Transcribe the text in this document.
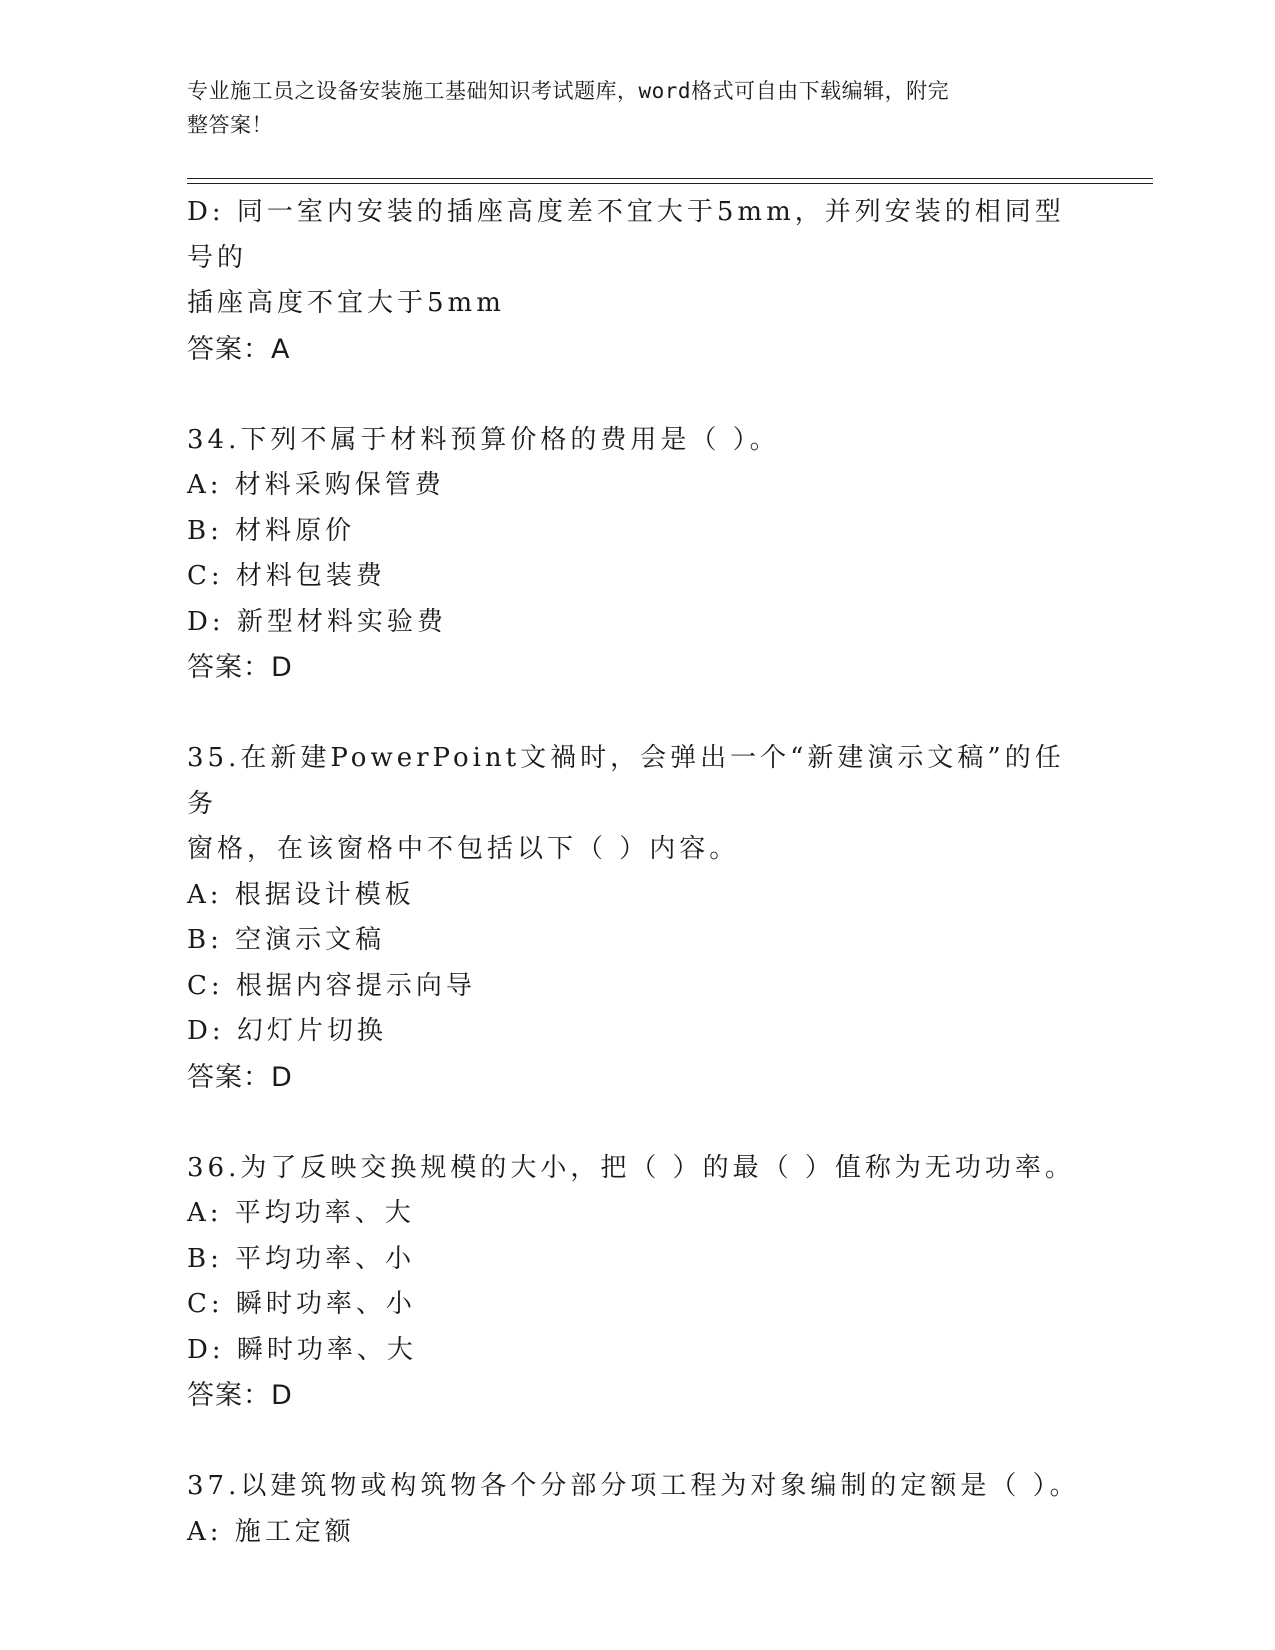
专业施工员之设备安装施工基础知识考试题库，word格式可自由下载编辑，附完
整答案！
D: 同一室内安装的插座高度差不宜大于5mm，并列安装的相同型号的
插座高度不宜大于5mm
答案：A
34.下列不属于材料预算价格的费用是（ ）。
A: 材料采购保管费
B: 材料原价
C: 材料包装费
D: 新型材料实验费
答案：D
35.在新建PowerPoint文禍时，会弹出一个“新建演示文稿”的任务
窗格，在该窗格中不包括以下（ ）内容。
A: 根据设计模板
B: 空演示文稿
C: 根据内容提示向导
D: 幻灯片切换
答案：D
36.为了反映交换规模的大小，把（ ）的最（ ）值称为无功功率。
A: 平均功率、大
B: 平均功率、小
C: 瞬时功率、小
D: 瞬时功率、大
答案：D
37.以建筑物或构筑物各个分部分项工程为对象编制的定额是（ ）。
A: 施工定额
